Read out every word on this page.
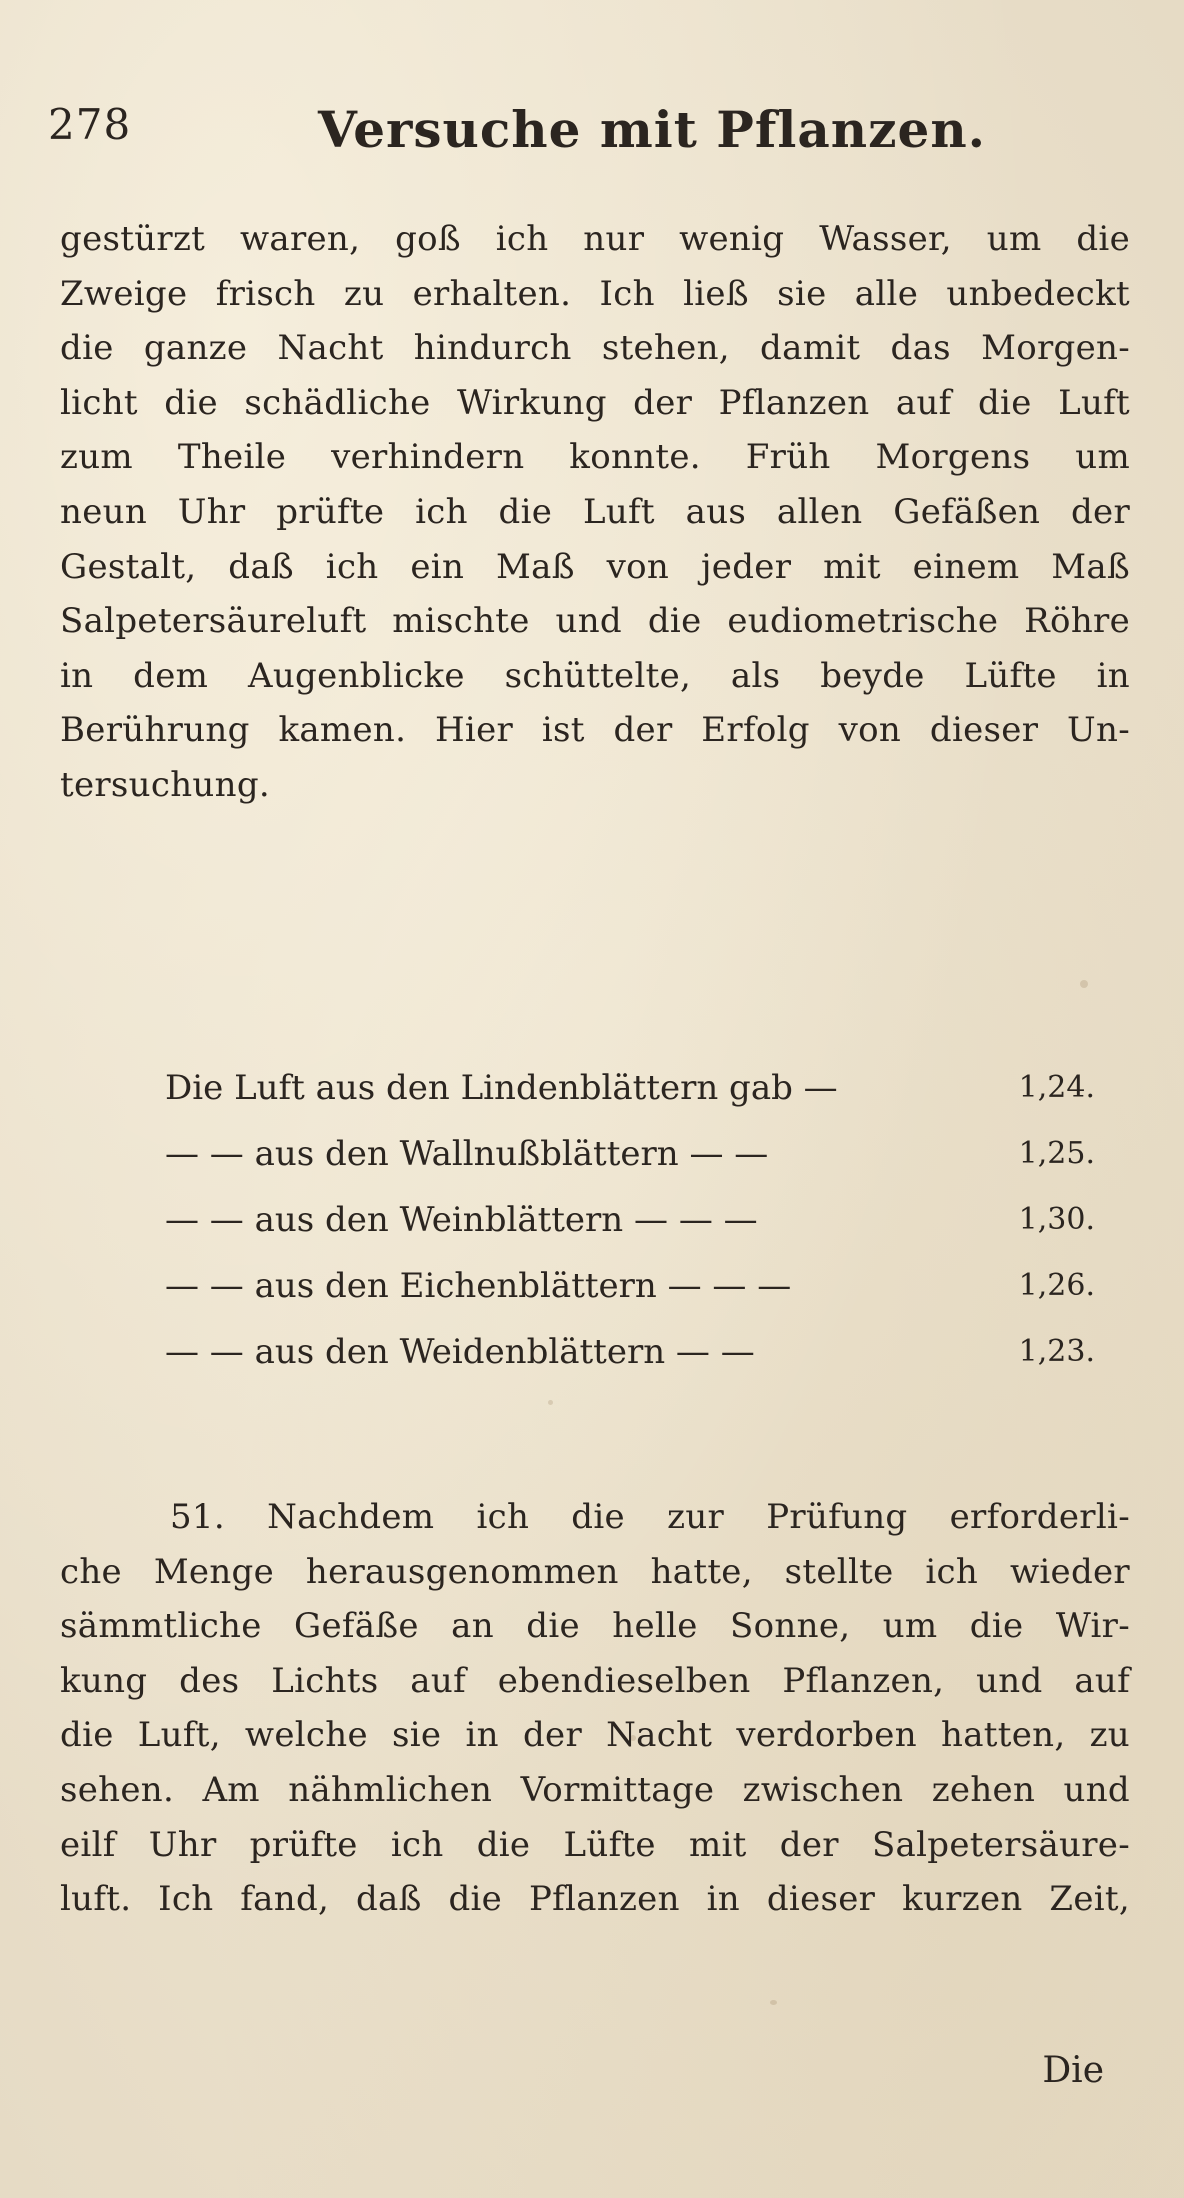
278	Versuche mit Pflanzen.
gestürzt waren, goß ich nur wenig Wasser, um die
Zweige frisch zu erhalten. Ich ließ sie alle unbedeckt
die ganze Nacht hindurch stehen, damit das Morgen-
licht die schädliche Wirkung der Pflanzen auf die Luft
zum Theile verhindern konnte. Früh Morgens um
neun Uhr prüfte ich die Luft aus allen Gefäßen der
Gestalt, daß ich ein Maß von jeder mit einem Maß
Salpetersäureluft mischte und die eudiometrische Röhre
in dem Augenblicke schüttelte, als beyde Lüfte in
Berührung kamen. Hier ist der Erfolg von dieser Un-
tersuchung.
Die Luft aus den Lindenblättern gab —	1,24.
— — aus den Wallnußblättern — —	1,25.
— — aus den Weinblättern — — —	1,30.
— — aus den Eichenblättern — — —	1,26.
— — aus den Weidenblättern — —	1,23.
51. Nachdem ich die zur Prüfung erforderli-
che Menge herausgenommen hatte, stellte ich wieder
sämmtliche Gefäße an die helle Sonne, um die Wir-
kung des Lichts auf ebendieselben Pflanzen, und auf
die Luft, welche sie in der Nacht verdorben hatten, zu
sehen. Am nähmlichen Vormittage zwischen zehen und
eilf Uhr prüfte ich die Lüfte mit der Salpetersäure-
luft. Ich fand, daß die Pflanzen in dieser kurzen Zeit,
Die
